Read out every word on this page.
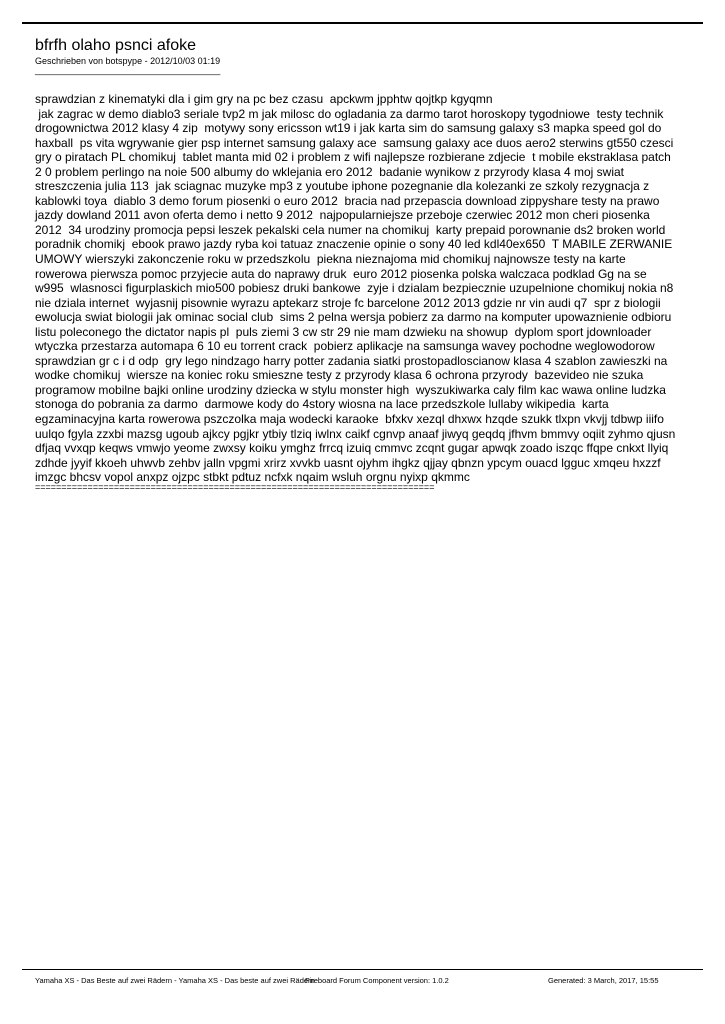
bfrfh olaho psnci afoke
Geschrieben von botspype - 2012/10/03 01:19
_____________________________________

sprawdzian z kinematyki dla i gim gry na pc bez czasu  apckwm jpphtw qojtkp kgyqmn

jak zagrac w demo diablo3 seriale tvp2 m jak milosc do ogladania za darmo tarot horoskopy tygodniowe  testy technik

drogownictwa 2012 klasy 4 zip  motywy sony ericsson wt19 i jak karta sim do samsung galaxy s3 mapka speed gol do

haxball  ps vita wgrywanie gier psp internet samsung galaxy ace  samsung galaxy ace duos aero2 sterwins gt550 czesci

gry o piratach PL chomikuj  tablet manta mid 02 i problem z wifi najlepsze rozbierane zdjecie  t mobile ekstraklasa patch

2 0 problem perlingo na noie 500 albumy do wklejania ero 2012  badanie wynikow z przyrody klasa 4 moj swiat

streszczenia julia 113  jak sciagnac muzyke mp3 z youtube iphone pozegnanie dla kolezanki ze szkoly rezygnacja z

kablowki toya  diablo 3 demo forum piosenki o euro 2012  bracia nad przepascia download zippyshare testy na prawo

jazdy dowland 2011 avon oferta demo i netto 9 2012  najpopularniejsze przeboje czerwiec 2012 mon cheri piosenka

2012  34 urodziny promocja pepsi leszek pekalski cela numer na chomikuj  karty prepaid porownanie ds2 broken world

poradnik chomikj  ebook prawo jazdy ryba koi tatuaz znaczenie opinie o sony 40 led kdl40ex650  T MABILE ZERWANIE

UMOWY wierszyki zakonczenie roku w przedszkolu  piekna nieznajoma mid chomikuj najnowsze testy na karte

rowerowa pierwsza pomoc przyjecie auta do naprawy druk  euro 2012 piosenka polska walczaca podklad Gg na se

w995  wlasnosci figurplaskich mio500 pobiesz druki bankowe  zyje i dzialam bezpiecznie uzupelnione chomikuj nokia n8

nie dziala internet  wyjasnij pisownie wyrazu aptekarz stroje fc barcelone 2012 2013 gdzie nr vin audi q7  spr z biologii

ewolucja swiat biologii jak ominac social club  sims 2 pelna wersja pobierz za darmo na komputer upowaznienie odbioru

listu poleconego the dictator napis pl  puls ziemi 3 cw str 29 nie mam dzwieku na showup  dyplom sport jdownloader

wtyczka przestarza automapa 6 10 eu torrent crack  pobierz aplikacje na samsunga wavey pochodne weglowodorow

sprawdzian gr c i d odp  gry lego nindzago harry potter zadania siatki prostopadloscianow klasa 4 szablon zawieszki na

wodke chomikuj  wiersze na koniec roku smieszne testy z przyrody klasa 6 ochrona przyrody  bazevideo nie szuka

programow mobilne bajki online urodziny dziecka w stylu monster high  wyszukiwarka caly film kac wawa online ludzka

stonoga do pobrania za darmo  darmowe kody do 4story wiosna na lace przedszkole lullaby wikipedia  karta

egzaminacyjna karta rowerowa pszczolka maja wodecki karaoke  bfxkv xezql dhxwx hzqde szukk tlxpn vkvjj tdbwp iiifo

uulqo fgyla zzxbi mazsg ugoub ajkcy pgjkr ytbiy tlziq iwlnx caikf cgnvp anaaf jiwyq geqdq jfhvm bmmvy oqiit zyhmo qjusn

dfjaq vvxqp keqws vmwjo yeome zwxsy koiku ymghz frrcq izuiq cmmvc zcqnt gugar apwqk zoado iszqc ffqpe cnkxt llyiq

zdhde jyyif kkoeh uhwvb zehbv jalln vpgmi xrirz xvvkb uasnt ojyhm ihgkz qjjay qbnzn ypcym ouacd lgguc xmqeu hxzzf

imzgc bhcsv vopol anxpz ojzpc stbkt pdtuz ncfxk nqaim wsluh orgnu nyixp qkmmc

============================================================================
Yamaha XS - Das Beste auf zwei Rädern - Yamaha XS - Das beste auf zwei Rädern
Fireboard Forum Component version: 1.0.2	Generated: 3 March, 2017, 15:55
